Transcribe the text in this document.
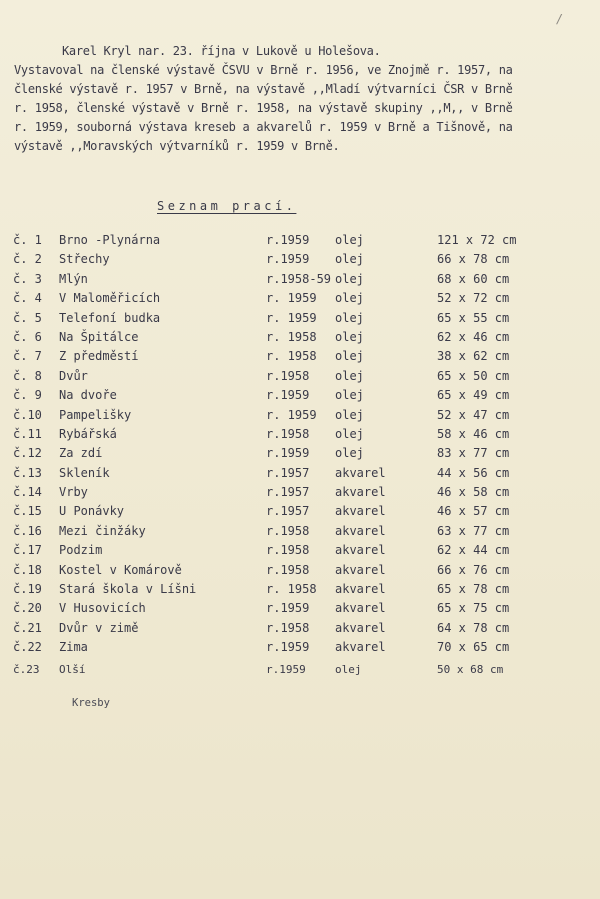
/
Karel Kryl nar. 23. října v Lukově u Holešova.
Vystavoval na členské výstavě ČSVU v Brně r. 1956, ve Znojmě r. 1957, na
členské výstavě r. 1957 v Brně, na výstavě ,,Mladí výtvarníci ČSR v Brně
r. 1958, členské výstavě v Brně r. 1958, na výstavě skupiny ,,M,, v Brně
r. 1959, souborná výstava kreseb a akvarelů r. 1959 v Brně a Tišnově, na
výstavě ,,Moravských výtvarníků r. 1959 v Brně.
Seznam prací.
č. 1 Brno -Plynárna	r.1959 olej	121 x 72 cm
č. 2 Střechy	r.1959 olej	66 x 78 cm
č. 3 Mlýn	r.1958-59 olej	68 x 60 cm
č. 4 V Maloměřicích	r. 1959 olej	52 x 72 cm
č. 5 Telefoní budka	r. 1959 olej	65 x 55 cm
č. 6 Na Špitálce	r. 1958 olej	62 x 46 cm
č. 7 Z předměstí	r. 1958 olej	38 x 62 cm
č. 8 Dvůr	r.1958 olej	65 x 50 cm
č. 9 Na dvoře	r.1959 olej	65 x 49 cm
č.10 Pampelišky	r. 1959 olej	52 x 47 cm
č.11 Rybářská	r.1958 olej	58 x 46 cm
č.12 Za zdí	r.1959 olej	83 x 77 cm
č.13 Skleník	r.1957 akvarel	44 x 56 cm
č.14 Vrby	r.1957 akvarel	46 x 58 cm
č.15 U Ponávky	r.1957 akvarel	46 x 57 cm
č.16 Mezi činžáky	r.1958 akvarel	63 x 77 cm
č.17 Podzim	r.1958 akvarel	62 x 44 cm
č.18 Kostel v Komárově	r.1958 akvarel	66 x 76 cm
č.19 Stará škola v Líšni	r. 1958 akvarel	65 x 78 cm
č.20 V Husovicích	r.1959 akvarel	65 x 75 cm
č.21 Dvůr v zimě	r.1958 akvarel	64 x 78 cm
č.22 Zima	r.1959 akvarel	70 x 65 cm
č.23 Olší	r.1959	olej	50 x 68 cm
Kresby
